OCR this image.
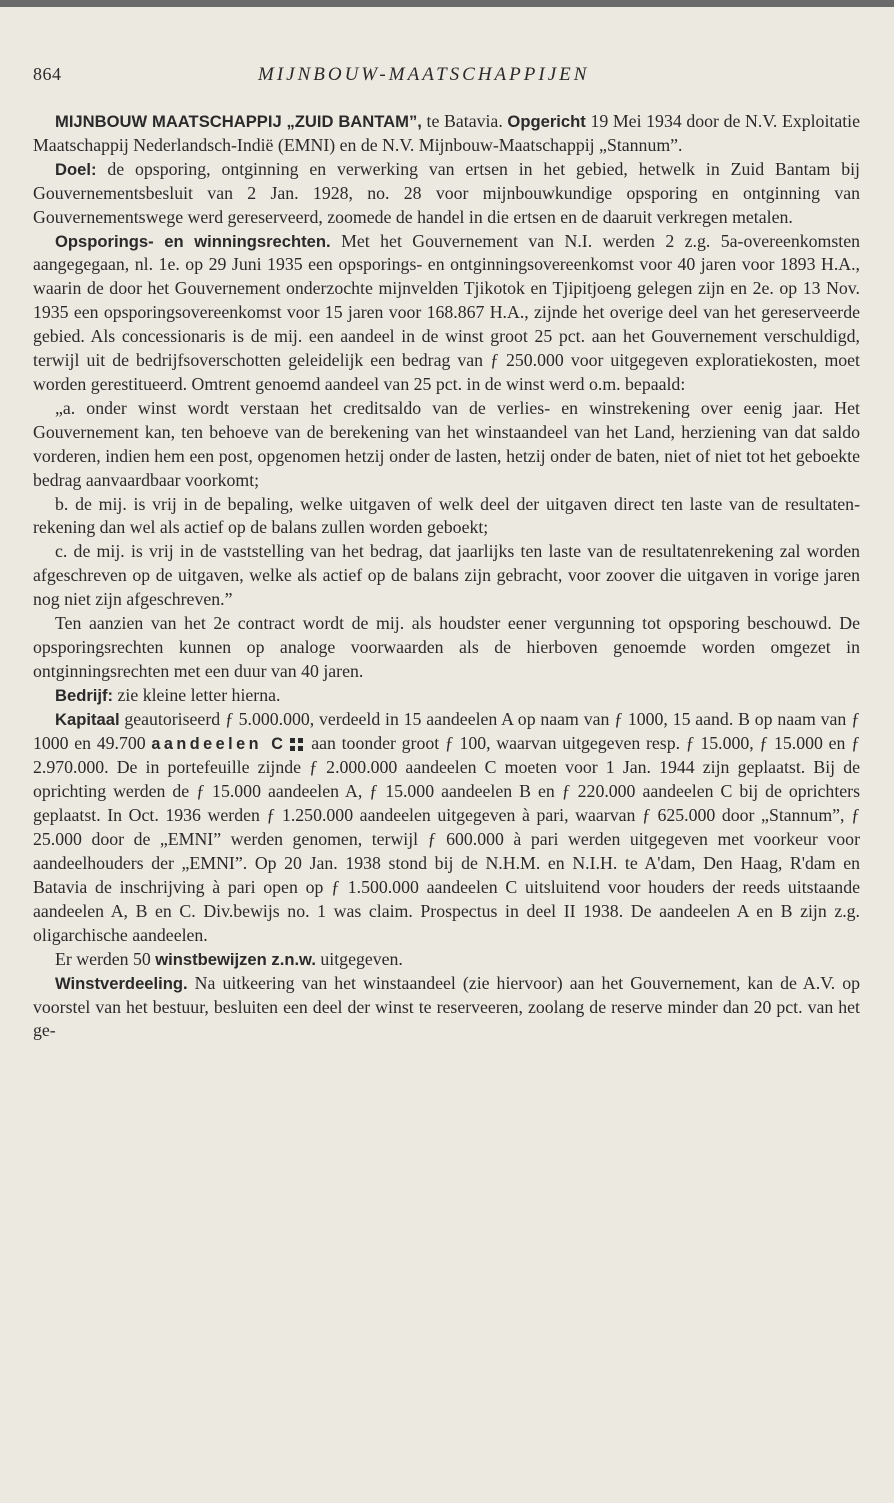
864	MIJNBOUW-MAATSCHAPPIJEN

MIJNBOUW MAATSCHAPPIJ „ZUID BANTAM”, te Batavia. Opgericht 19 Mei 1934 door de N.V. Exploitatie Maatschappij Nederlandsch-Indië (EMNI) en de N.V. Mijnbouw-Maatschappij „Stannum”.

Doel: de opsporing, ontginning en verwerking van ertsen in het gebied, hetwelk in Zuid Bantam bij Gouvernementsbesluit van 2 Jan. 1928, no. 28 voor mijnbouwkundige opsporing en ontginning van Gouvernementswege werd gereserveerd, zoomede de handel in die ertsen en de daaruit verkregen metalen.

Opsporings- en winningsrechten. Met het Gouvernement van N.I. werden 2 z.g. 5a-overeenkomsten aangegegaan, nl. 1e. op 29 Juni 1935 een opsporings- en ontginningsovereenkomst voor 40 jaren voor 1893 H.A., waarin de door het Gouvernement onderzochte mijnvelden Tjikotok en Tjipitjoeng gelegen zijn en 2e. op 13 Nov. 1935 een opsporingsovereenkomst voor 15 jaren voor 168.867 H.A., zijnde het overige deel van het gereserveerde gebied. Als concessionaris is de mij. een aandeel in de winst groot 25 pct. aan het Gouvernement verschuldigd, terwijl uit de bedrijfsoverschotten geleidelijk een bedrag van ƒ 250.000 voor uitgegeven exploratiekosten, moet worden gerestitueerd. Omtrent genoemd aandeel van 25 pct. in de winst werd o.m. bepaald:

„a. onder winst wordt verstaan het creditsaldo van de verlies- en winstrekening over eenig jaar. Het Gouvernement kan, ten behoeve van de berekening van het winstaandeel van het Land, herziening van dat saldo vorderen, indien hem een post, opgenomen hetzij onder de lasten, hetzij onder de baten, niet of niet tot het geboekte bedrag aanvaardbaar voorkomt;

b. de mij. is vrij in de bepaling, welke uitgaven of welk deel der uitgaven direct ten laste van de resultaten-rekening dan wel als actief op de balans zullen worden geboekt;

c. de mij. is vrij in de vaststelling van het bedrag, dat jaarlijks ten laste van de resultatenrekening zal worden afgeschreven op de uitgaven, welke als actief op de balans zijn gebracht, voor zoover die uitgaven in vorige jaren nog niet zijn afgeschreven.”

Ten aanzien van het 2e contract wordt de mij. als houdster eener vergunning tot opsporing beschouwd. De opsporingsrechten kunnen op analoge voorwaarden als de hierboven genoemde worden omgezet in ontginningsrechten met een duur van 40 jaren.

Bedrijf: zie kleine letter hierna.

Kapitaal geautoriseerd ƒ 5.000.000, verdeeld in 15 aandeelen A op naam van ƒ 1000, 15 aand. B op naam van ƒ 1000 en 49.700 aandeelen C aan toonder groot ƒ 100, waarvan uitgegeven resp. ƒ 15.000, ƒ 15.000 en ƒ 2.970.000. De in portefeuille zijnde ƒ 2.000.000 aandeelen C moeten voor 1 Jan. 1944 zijn geplaatst. Bij de oprichting werden de ƒ 15.000 aandeelen A, ƒ 15.000 aandeelen B en ƒ 220.000 aandeelen C bij de oprichters geplaatst. In Oct. 1936 werden ƒ 1.250.000 aandeelen uitgegeven à pari, waarvan ƒ 625.000 door „Stannum”, ƒ 25.000 door de „EMNI” werden genomen, terwijl ƒ 600.000 à pari werden uitgegeven met voorkeur voor aandeelhouders der „EMNI”. Op 20 Jan. 1938 stond bij de N.H.M. en N.I.H. te A'dam, Den Haag, R'dam en Batavia de inschrijving à pari open op ƒ 1.500.000 aandeelen C uitsluitend voor houders der reeds uitstaande aandeelen A, B en C. Div.bewijs no. 1 was claim. Prospectus in deel II 1938. De aandeelen A en B zijn z.g. oligarchische aandeelen.

Er werden 50 winstbewijzen z.n.w. uitgegeven.

Winstverdeeling. Na uitkeering van het winstaandeel (zie hiervoor) aan het Gouvernement, kan de A.V. op voorstel van het bestuur, besluiten een deel der winst te reserveeren, zoolang de reserve minder dan 20 pct. van het ge-
